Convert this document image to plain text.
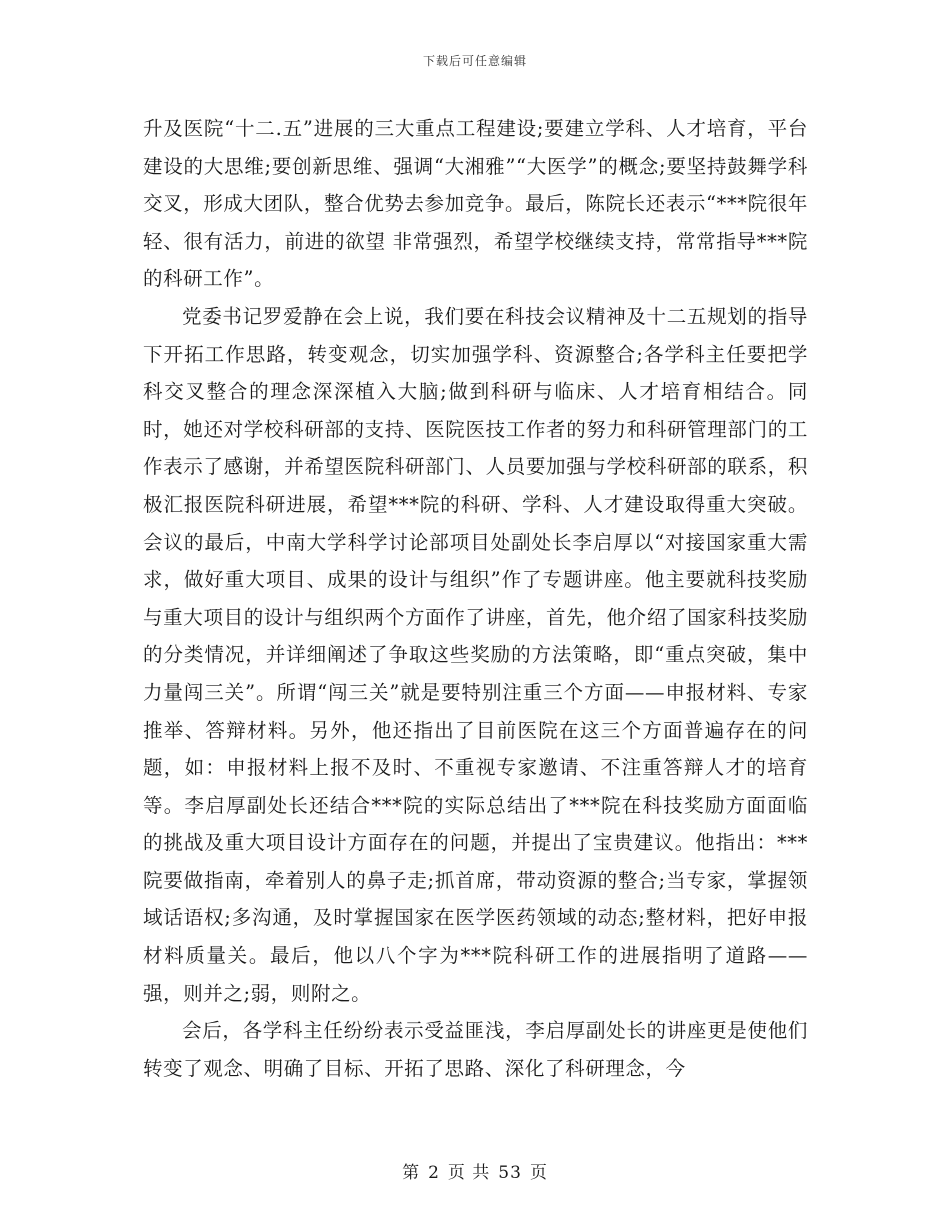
下载后可任意编辑

升及医院“十二.五”进展的三大重点工程建设;要建立学科、人才培育，平台建设的大思维;要创新思维、强调“大湘雅”“大医学”的概念;要坚持鼓舞学科交叉，形成大团队，整合优势去参加竞争。最后，陈院长还表示“***院很年轻、很有活力，前进的欲望 非常强烈，希望学校继续支持，常常指导***院的科研工作”。

党委书记罗爱静在会上说，我们要在科技会议精神及十二五规划的指导下开拓工作思路，转变观念，切实加强学科、资源整合;各学科主任要把学科交叉整合的理念深深植入大脑;做到科研与临床、人才培育相结合。同时，她还对学校科研部的支持、医院医技工作者的努力和科研管理部门的工作表示了感谢，并希望医院科研部门、人员要加强与学校科研部的联系，积极汇报医院科研进展，希望***院的科研、学科、人才建设取得重大突破。会议的最后，中南大学科学讨论部项目处副处长李启厚以“对接国家重大需求，做好重大项目、成果的设计与组织”作了专题讲座。他主要就科技奖励与重大项目的设计与组织两个方面作了讲座，首先，他介绍了国家科技奖励的分类情况，并详细阐述了争取这些奖励的方法策略，即“重点突破，集中力量闯三关”。所谓“闯三关”就是要特别注重三个方面——申报材料、专家推举、答辩材料。另外，他还指出了目前医院在这三个方面普遍存在的问题，如：申报材料上报不及时、不重视专家邀请、不注重答辩人才的培育等。李启厚副处长还结合***院的实际总结出了***院在科技奖励方面面临的挑战及重大项目设计方面存在的问题，并提出了宝贵建议。他指出：***院要做指南，牵着别人的鼻子走;抓首席，带动资源的整合;当专家，掌握领域话语权;多沟通，及时掌握国家在医学医药领域的动态;整材料，把好申报材料质量关。最后，他以八个字为***院科研工作的进展指明了道路——强，则并之;弱，则附之。

会后，各学科主任纷纷表示受益匪浅，李启厚副处长的讲座更是使他们转变了观念、明确了目标、开拓了思路、深化了科研理念，今

第 2 页 共 53 页
